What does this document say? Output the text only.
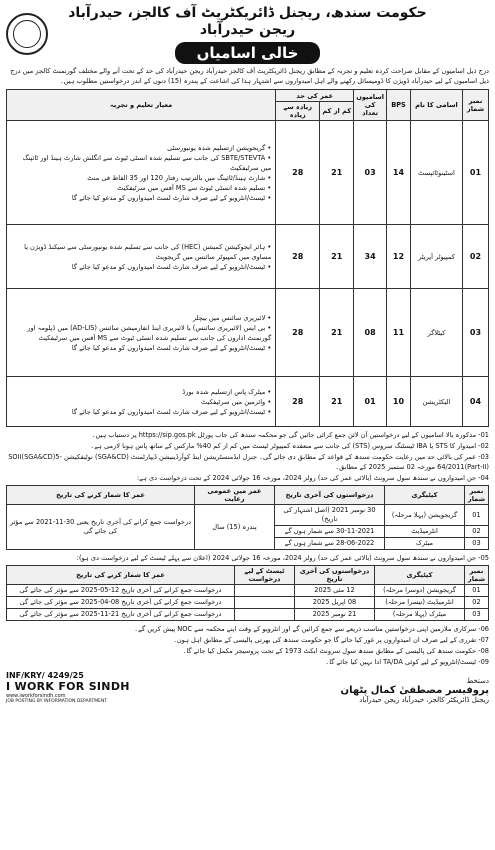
حکومت سندھ، ریجنل ڈائریکٹریٹ آف کالجز، حیدرآباد ریجن حیدرآباد
خالی اسامیاں
درج ذیل اسامیوں کے مقابل صراحت کردہ تعلیم و تجربہ کے مطابق ریجنل ڈائریکٹریٹ آف کالجز حیدرآباد ریجن حیدرآباد کی حد کے تحت آنے والے مختلف گورنمنٹ کالجز میں درج ذیل اسامیوں کے لیے حیدرآباد ڈویژن کا ڈومیسائل رکھنے والے اہل امیدواروں سے اشتہار ہذا کی اشاعت کے پندرہ (15) دنوں کے اندر درخواستیں مطلوب ہیں۔
نمبر شمار	اسامی کا نام	BPS	اسامیوں کی تعداد	عمر کی حد		معیار تعلیم و تجربہ
				کم از کم	زیادہ سے زیادہ	
01	اسٹینوٹائپسٹ	14	03	21	28	• گریجویشن ازتسلیم شدہ یونیورسٹی
• SBTE/STEVTA کی جانب سے تسلیم شدہ انسٹی ٹیوٹ سے انگلش شارٹ ہینڈ اور ٹائپنگ میں سرٹیفکیٹ
• شارٹ ہینڈ/ٹائپنگ میں بالترتیب رفتار 120 اور 35 الفاظ فی منٹ
• تسلیم شدہ انسٹی ٹیوٹ سے MS آفس میں سرٹیفکیٹ
• ٹیسٹ/انٹرویو کے لیے صرف شارٹ لسٹ امیدواروں کو مدعو کیا جائے گا

02	کمپیوٹر آپریٹر	12	34	21	28	• ہائر ایجوکیشن کمیشن (HEC) کی جانب سے تسلیم شدہ یونیورسٹی سے سیکنڈ ڈویژن یا مساوی میں کمپیوٹر سائنس میں گریجویٹ
• ٹیسٹ/انٹرویو کے لیے صرف شارٹ لسٹ امیدواروں کو مدعو کیا جائے گا

03	کیٹلاگر	11	08	21	28	• لائبریری سائنس میں بیچلر
• بی ایس (لائبریری سائنس) یا لائبریری اینڈ انفارمیشن سائنس (AD-LIS) میں ڈپلومہ اور گورنمنٹ اداروں کی جانب سے تسلیم شدہ انسٹی ٹیوٹ سے MS آفس میں سرٹیفکیٹ
• ٹیسٹ/انٹرویو کے لیے صرف شارٹ لسٹ امیدواروں کو مدعو کیا جائے گا

04	الیکٹریشن	10	01	21	28	• میٹرک پاس ازتسلیم شدہ بورڈ
• وائرمین میں سرٹیفکیٹ
• ٹیسٹ/انٹرویو کے لیے صرف شارٹ لسٹ امیدواروں کو مدعو کیا جائے گا

01- مذکورہ بالا اسامیوں کے لیے درخواستیں آن لائن جمع کرائی جائیں گی جو محکمہ سندھ کی جاب پورٹل https://sip.gos.pk پر دستیاب ہیں۔

02- امیدوار کا STS یا IBA ٹیسٹنگ سروس (STS) کی جانب سے منعقدہ کمپیوٹر ٹیسٹ میں کم از کم 40% مارکس کے ساتھ پاس ہونا لازمی ہے۔

03- عمر کی بالائی حد میں رعایت حکومت سندھ کے قواعد کے مطابق دی جائے گی۔ جنرل ایڈمنسٹریشن اینڈ کوآرڈینیشن ڈیپارٹمنٹ (SGA&CD) نوٹیفکیشن SOII(SGA&CD)5-64/2011(Part-II) مورخہ 02 ستمبر 2025 کے مطابق۔

04- جن امیدواروں نے سندھ سول سرونٹ (بالائی عمر کی حد) رولز 2024، مورخہ 16 جولائی 2024 کے تحت درخواست دی ہے:

نمبر شمار	کیٹیگری	درخواستوں کی آخری تاریخ	عمر میں عمومی رعایت	عمر کا شمار کرنے کی تاریخ
01	گریجویشن (پہلا مرحلہ)	30 نومبر 2021 (اصل اشتہار کی تاریخ)	پندرہ (15) سال	درخواست جمع کرانے کی آخری تاریخ یعنی 30-11-2021 سے مؤثر کی جائے گی
02	انٹرمیڈیٹ	30-11-2021 سے شمار ہوں گے		
03	میٹرک	28-06-2022 سے شمار ہوں گے		

05- جن امیدواروں نے سندھ سول سرونٹ (بالائی عمر کی حد) رولز 2024، مورخہ 16 جولائی 2024 (اعلان سے پہلے ٹیسٹ کے لیے درخواست دی ہو):

نمبر شمار	کیٹیگری	درخواستوں کی آخری تاریخ	ٹیسٹ کے لیے درخواست	عمر کا شمار کرنے کی تاریخ
01	گریجویشن (دوسرا مرحلہ)	12 مئی 2025		درخواست جمع کرانے کی آخری تاریخ 12-05-2025 سے مؤثر کی جائے گی
02	انٹرمیڈیٹ (تیسرا مرحلہ)	08 اپریل 2025		درخواست جمع کرانے کی آخری تاریخ 08-04-2025 سے مؤثر کی جائے گی
03	میٹرک (پہلا مرحلہ)	21 نومبر 2025		درخواست جمع کرانے کی آخری تاریخ 21-11-2025 سے مؤثر کی جائے گی

06- سرکاری ملازمین اپنی درخواستیں مناسب ذریعے سے جمع کرائیں گے اور انٹرویو کے وقت اپنے محکمہ سے NOC پیش کریں گے۔

07- تقرری کے لیے صرف ان امیدواروں پر غور کیا جائے گا جو حکومت سندھ کی بھرتی پالیسی کے مطابق اہل ہوں۔

08- حکومت سندھ کی پالیسی کے مطابق سندھ سول سرونٹ ایکٹ 1973 کے تحت پروسیجر مکمل کیا جائے گا۔

09- ٹیسٹ/انٹرویو کے لیے کوئی TA/DA ادا نہیں کیا جائے گا۔

INF/KRY/ 4249/25
I WORK FOR SINDH
www.iworkforsindh.com
JOB POSTING BY INFORMATION DEPARTMENT
دستخط
پروفیسر مصطفیٰ کمال پٹھان
ریجنل ڈائریکٹر کالجز، حیدرآباد ریجن حیدرآباد
